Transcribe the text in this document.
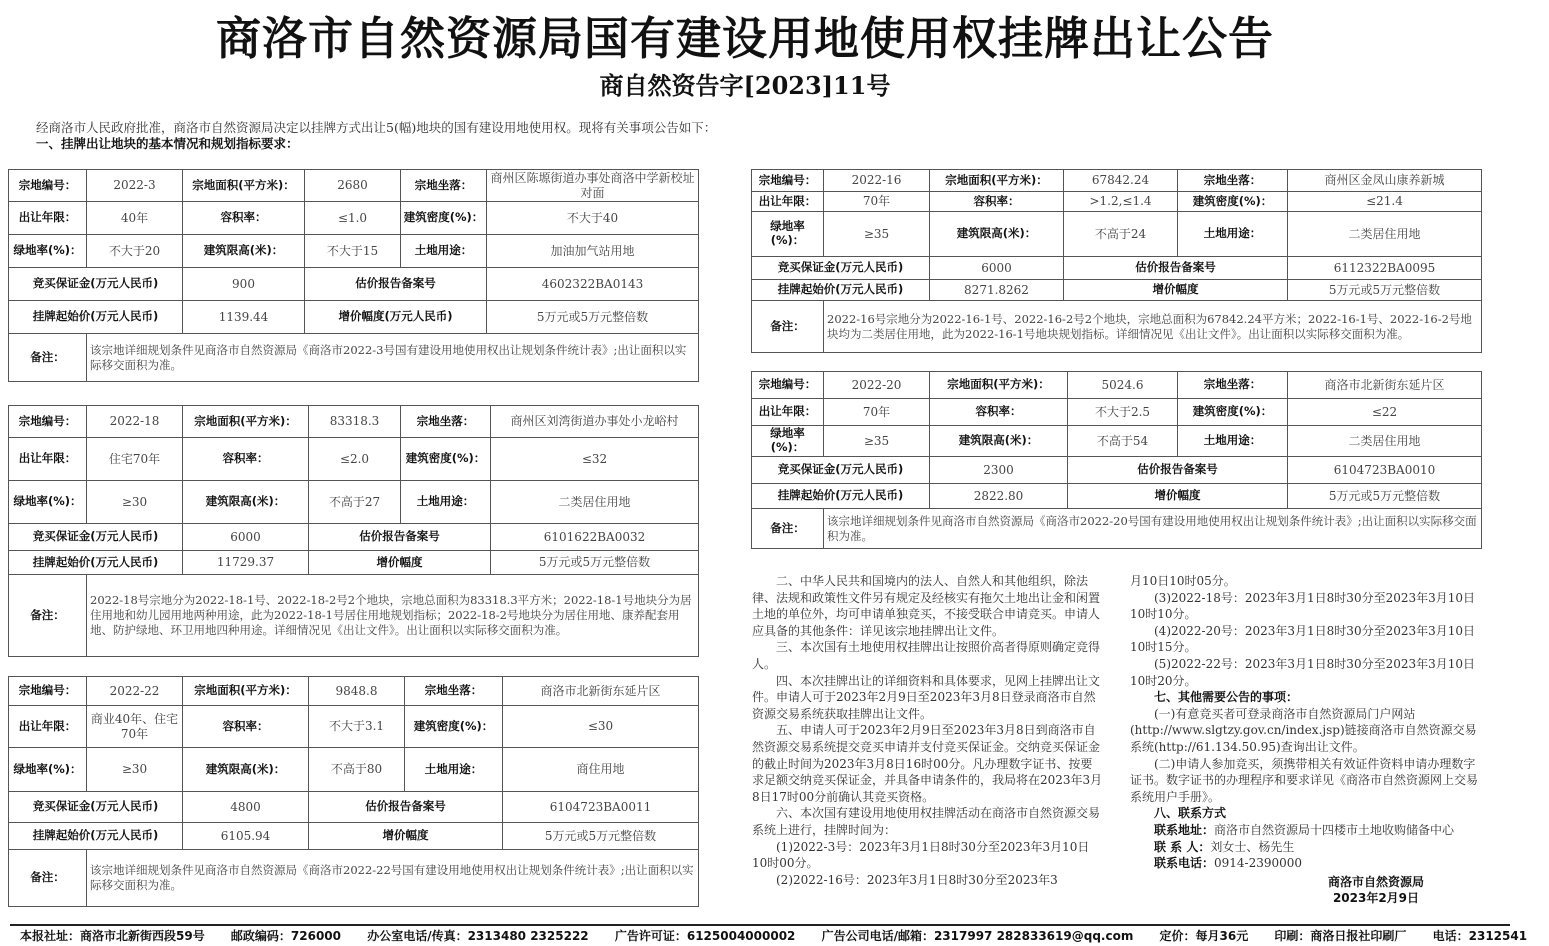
商洛市自然资源局国有建设用地使用权挂牌出让公告
商自然资告字[2023]11号
经商洛市人民政府批准，商洛市自然资源局决定以挂牌方式出让5(幅)地块的国有建设用地使用权。现将有关事项公告如下：
一、挂牌出让地块的基本情况和规划指标要求：
宗地编号：	2022-3	宗地面积(平方米)：	2680	宗地坐落：	商州区陈塬街道办事处商洛中学新校址对面
出让年限：	40年	容积率：	≤1.0	建筑密度(%)：	不大于40
绿地率(%)：	不大于20	建筑限高(米)：	不大于15	土地用途：	加油加气站用地
竞买保证金(万元人民币)		900	估价报告备案号		4602322BA0143
挂牌起始价(万元人民币)		1139.44	增价幅度(万元人民币)		5万元或5万元整倍数
备注：	该宗地详细规划条件见商洛市自然资源局《商洛市2022-3号国有建设用地使用权出让规划条件统计表》;出让面积以实际移交面积为准。				
宗地编号：	2022-18	宗地面积(平方米)：	83318.3	宗地坐落：	商州区刘湾街道办事处小龙峪村
出让年限：	住宅70年	容积率：	≤2.0	建筑密度(%)：	≤32
绿地率(%)：	≥30	建筑限高(米)：	不高于27	土地用途：	二类居住用地
竞买保证金(万元人民币)		6000	估价报告备案号		6101622BA0032
挂牌起始价(万元人民币)		11729.37	增价幅度		5万元或5万元整倍数
备注：	2022-18号宗地分为2022-18-1号、2022-18-2号2个地块，宗地总面积为83318.3平方米；2022-18-1号地块分为居住用地和幼儿园用地两种用途，此为2022-18-1号居住用地规划指标；2022-18-2号地块分为居住用地、康养配套用地、防护绿地、环卫用地四种用途。详细情况见《出让文件》。出让面积以实际移交面积为准。				
宗地编号：	2022-22	宗地面积(平方米)：	9848.8	宗地坐落：	商洛市北新街东延片区
出让年限：	商业40年、住宅70年	容积率：	不大于3.1	建筑密度(%)：	≤30
绿地率(%)：	≥30	建筑限高(米)：	不高于80	土地用途：	商住用地
竞买保证金(万元人民币)		4800	估价报告备案号		6104723BA0011
挂牌起始价(万元人民币)		6105.94	增价幅度		5万元或5万元整倍数
备注：	该宗地详细规划条件见商洛市自然资源局《商洛市2022-22号国有建设用地使用权出让规划条件统计表》;出让面积以实际移交面积为准。				
宗地编号：	2022-16	宗地面积(平方米)：	67842.24	宗地坐落：	商州区金凤山康养新城
出让年限：	70年	容积率：	>1.2,≤1.4	建筑密度(%)：	≤21.4
绿地率(%)：	≥35	建筑限高(米)：	不高于24	土地用途：	二类居住用地
竞买保证金(万元人民币)		6000	估价报告备案号		6112322BA0095
挂牌起始价(万元人民币)		8271.8262	增价幅度		5万元或5万元整倍数
备注：	2022-16号宗地分为2022-16-1号、2022-16-2号2个地块，宗地总面积为67842.24平方米；2022-16-1号、2022-16-2号地块均为二类居住用地，此为2022-16-1号地块规划指标。详细情况见《出让文件》。出让面积以实际移交面积为准。				
宗地编号：	2022-20	宗地面积(平方米)：	5024.6	宗地坐落：	商洛市北新街东延片区
出让年限：	70年	容积率：	不大于2.5	建筑密度(%)：	≤22
绿地率(%)：	≥35	建筑限高(米)：	不高于54	土地用途：	二类居住用地
竞买保证金(万元人民币)		2300	估价报告备案号		6104723BA0010
挂牌起始价(万元人民币)		2822.80	增价幅度		5万元或5万元整倍数
备注：	该宗地详细规划条件见商洛市自然资源局《商洛市2022-20号国有建设用地使用权出让规划条件统计表》;出让面积以实际移交面积为准。				

二、中华人民共和国境内的法人、自然人和其他组织，除法律、法规和政策性文件另有规定及经核实有拖欠土地出让金和闲置土地的单位外，均可申请单独竞买，不接受联合申请竞买。申请人应具备的其他条件：详见该宗地挂牌出让文件。

三、本次国有土地使用权挂牌出让按照价高者得原则确定竞得人。

四、本次挂牌出让的详细资料和具体要求，见网上挂牌出让文件。申请人可于2023年2月9日至2023年3月8日登录商洛市自然资源交易系统获取挂牌出让文件。

五、申请人可于2023年2月9日至2023年3月8日到商洛市自然资源交易系统提交竞买申请并支付竞买保证金。交纳竞买保证金的截止时间为2023年3月8日16时00分。凡办理数字证书、按要求足额交纳竞买保证金，并具备申请条件的，我局将在2023年3月8日17时00分前确认其竞买资格。

六、本次国有建设用地使用权挂牌活动在商洛市自然资源交易系统上进行，挂牌时间为：

(1)2022-3号：2023年3月1日8时30分至2023年3月10日10时00分。

(2)2022-16号：2023年3月1日8时30分至2023年3

月10日10时05分。

(3)2022-18号：2023年3月1日8时30分至2023年3月10日10时10分。

(4)2022-20号：2023年3月1日8时30分至2023年3月10日10时15分。

(5)2022-22号：2023年3月1日8时30分至2023年3月10日10时20分。

七、其他需要公告的事项：

(一)有意竞买者可登录商洛市自然资源局门户网站(http://www.slgtzy.gov.cn/index.jsp)链接商洛市自然资源交易系统(http://61.134.50.95)查询出让文件。

(二)申请人参加竞买，须携带相关有效证件资料申请办理数字证书。数字证书的办理程序和要求详见《商洛市自然资源网上交易系统用户手册》。

八、联系方式

联系地址：商洛市自然资源局十四楼市土地收购储备中心

联 系 人：刘女士、杨先生

联系电话：0914-2390000

商洛市自然资源局

2023年2月9日

本报社址：商洛市北新街西段59号 邮政编码：726000 办公室电话/传真：2313480 2325222 广告许可证：6125004000002 广告公司电话/邮箱：2317997 282833619@qq.com 定价：每月36元 印刷：商洛日报社印刷厂 电话：2312541
